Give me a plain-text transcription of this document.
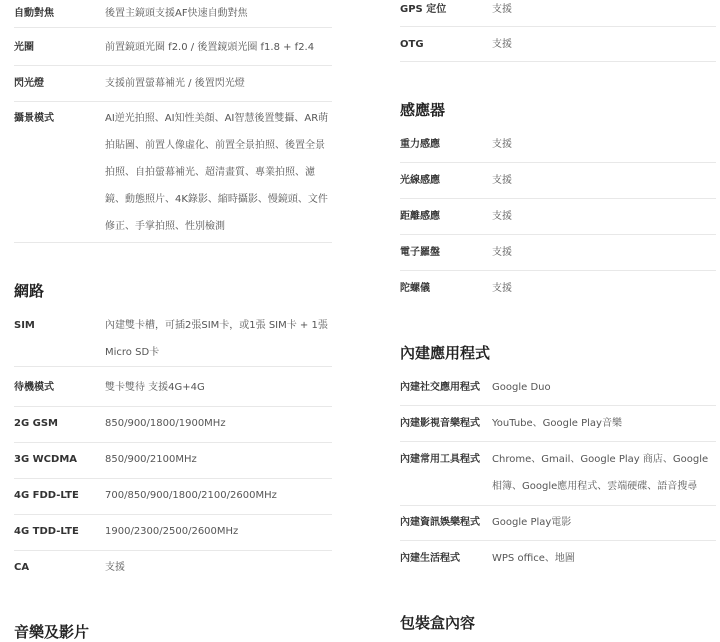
自動對焦	後置主鏡頭支援AF快速自動對焦
光圈	前置鏡頭光圈 f2.0 / 後置鏡頭光圈 f1.8 + f2.4
閃光燈	支援前置螢幕補光 / 後置閃光燈
攝景模式	AI逆光拍照、AI知性美顏、AI智慧後置雙攝、AR萌拍貼圖、前置人像虛化、前置全景拍照、後置全景拍照、自拍螢幕補光、超清畫質、專業拍照、濾鏡、動態照片、4K錄影、縮時攝影、慢鏡頭、文件修正、手掌拍照、性別檢測
網路
SIM	內建雙卡槽，可插2張SIM卡，或1張 SIM卡 + 1張 Micro SD卡
待機模式	雙卡雙待 支援4G+4G
2G GSM	850/900/1800/1900MHz
3G WCDMA	850/900/2100MHz
4G FDD-LTE	700/850/900/1800/2100/2600MHz
4G TDD-LTE	1900/2300/2500/2600MHz
CA	支援
音樂及影片
GPS 定位	支援
OTG	支援
感應器
重力感應	支援
光線感應	支援
距離感應	支援
電子羅盤	支援
陀螺儀	支援
內建應用程式
內建社交應用程式	Google Duo
內建影視音樂程式	YouTube、Google Play音樂
內建常用工具程式	Chrome、Gmail、Google Play 商店、Google相簿、Google應用程式、雲端硬碟、語音搜尋
內建資訊娛樂程式	Google Play電影
內建生活程式	WPS office、地圖
包裝盒內容
